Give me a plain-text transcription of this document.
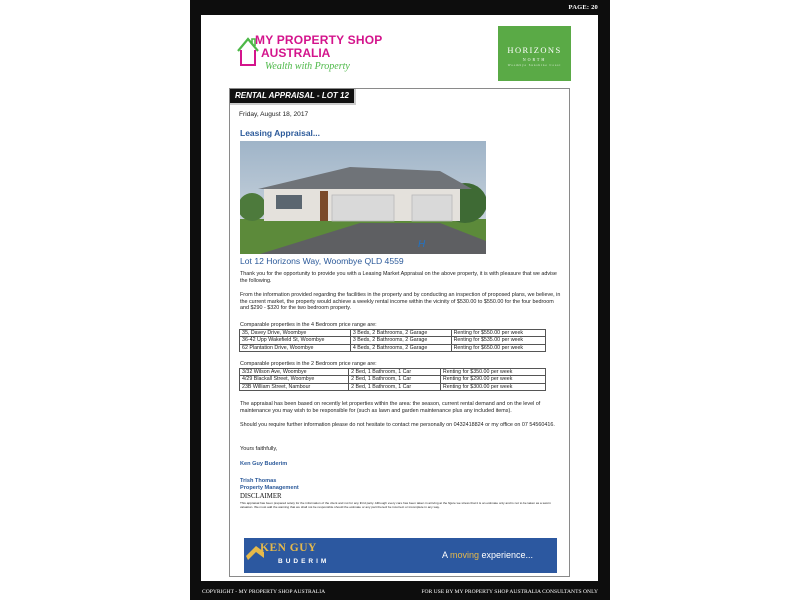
PAGE: 20
MY PROPERTY SHOP
AUSTRALIA
Wealth with Property
HORIZONS
NORTH
Woombye Sunshine Coast
RENTAL APPRAISAL - LOT 12
Friday, August 18, 2017
Leasing Appraisal...
H
Lot 12 Horizons Way, Woombye QLD 4559
Thank you for the opportunity to provide you with a Leasing Market Appraisal on the above property, it is with pleasure that we advise the following.
From the information provided regarding the facilities in the property and by conducting an inspection of proposed plans, we believe, in the current market, the property would achieve a weekly rental income within the vicinity of $530.00 to $550.00 for the four bedroom and $290 - $320 for the two bedroom property.
Comparable properties in the 4 Bedroom price range are:
35, Davey Drive, Woombye	3 Beds, 2 Bathrooms, 2 Garage	Renting for $550.00 per week
36-42 Upp Wakefield St, Woombye	3 Beds, 2 Bathrooms, 2 Garage	Renting for $535.00 per week
62 Plantation Drive, Woombye	4 Beds, 2 Bathrooms, 2 Garage	Renting for $650.00 per week
Comparable properties in the 2 Bedroom price range are:
3/32 Wilson Ave, Woombye	2 Bed, 1 Bathroom, 1 Car	Renting for $350.00 per week
4/29 Blackall Street, Woombye	2 Bed, 1 Bathroom, 1 Car	Renting for $290.00 per week
23B William Street, Nambour	2 Bed, 1 Bathroom, 1 Car	Renting for $300.00 per week
The appraisal has been based on recently let properties within the area: the season, current rental demand and on the level of maintenance you may wish to be responsible for (such as lawn and garden maintenance plus any included items).
Should you require further information please do not hesitate to contact me personally on 0432418824 or my office on 07 54560416.
Yours faithfully,
Ken Guy Buderim
Trish Thomas
Property Management
DISCLAIMER
This appraisal has been prepared solely for the information of the client and not for any third party. Although every care has been taken in arriving at the figure we stress that it is an estimate only and is not to be taken as a sworn valuation. We must add the warning that we shall not be responsible should the estimate or any part thereof be incorrect or incomplete in any way.
KEN GUY
BUDERIM
A moving experience...
COPYRIGHT - MY PROPERTY SHOP AUSTRALIA	FOR USE BY MY PROPERTY SHOP AUSTRALIA CONSULTANTS ONLY
